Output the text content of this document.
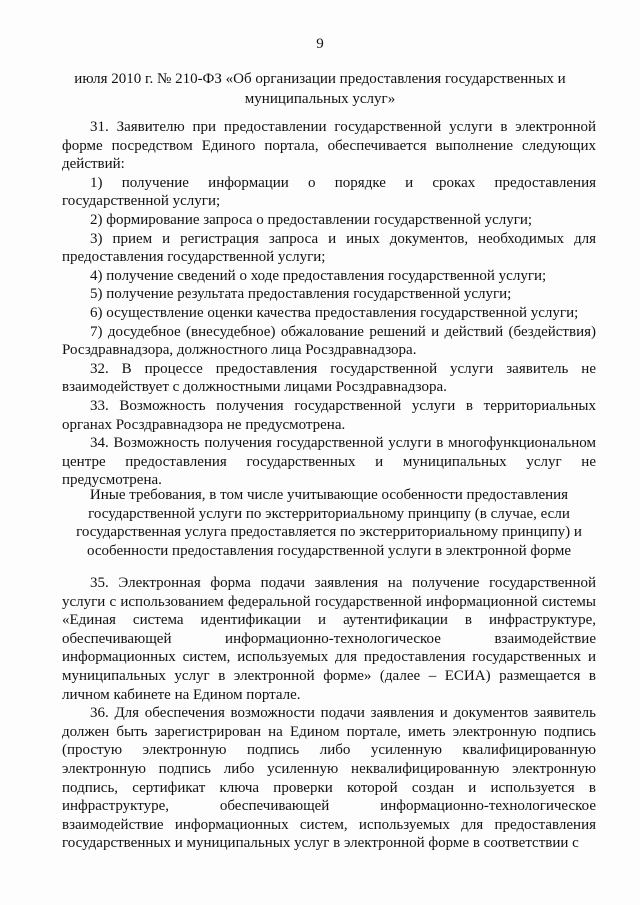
9
июля 2010 г. № 210-ФЗ «Об организации предоставления государственных и муниципальных услуг»

31. Заявителю при предоставлении государственной услуги в электронной форме посредством Единого портала, обеспечивается выполнение следующих действий:

1) получение информации о порядке и сроках предоставления государственной услуги;

2) формирование запроса о предоставлении государственной услуги;

3) прием и регистрация запроса и иных документов, необходимых для предоставления государственной услуги;

4) получение сведений о ходе предоставления государственной услуги;

5) получение результата предоставления государственной услуги;

6) осуществление оценки качества предоставления государственной услуги;

7) досудебное (внесудебное) обжалование решений и действий (бездействия) Росздравнадзора, должностного лица Росздравнадзора.

32. В процессе предоставления государственной услуги заявитель не взаимодействует с должностными лицами Росздравнадзора.

33. Возможность получения государственной услуги в территориальных органах Росздравнадзора не предусмотрена.

34. Возможность получения государственной услуги в многофункциональном центре предоставления государственных и муниципальных услуг не предусмотрена.

Иные требования, в том числе учитывающие особенности предоставления государственной услуги по экстерриториальному принципу (в случае, если государственная услуга предоставляется по экстерриториальному принципу) и особенности предоставления государственной услуги в электронной форме

35. Электронная форма подачи заявления на получение государственной услуги с использованием федеральной государственной информационной системы «Единая система идентификации и аутентификации в инфраструктуре, обеспечивающей информационно-технологическое взаимодействие информационных систем, используемых для предоставления государственных и муниципальных услуг в электронной форме» (далее – ЕСИА) размещается в личном кабинете на Едином портале.

36. Для обеспечения возможности подачи заявления и документов заявитель должен быть зарегистрирован на Едином портале, иметь электронную подпись (простую электронную подпись либо усиленную квалифицированную электронную подпись либо усиленную неквалифицированную электронную подпись, сертификат ключа проверки которой создан и используется в инфраструктуре, обеспечивающей информационно-технологическое взаимодействие информационных систем, используемых для предоставления государственных и муниципальных услуг в электронной форме в соответствии с
